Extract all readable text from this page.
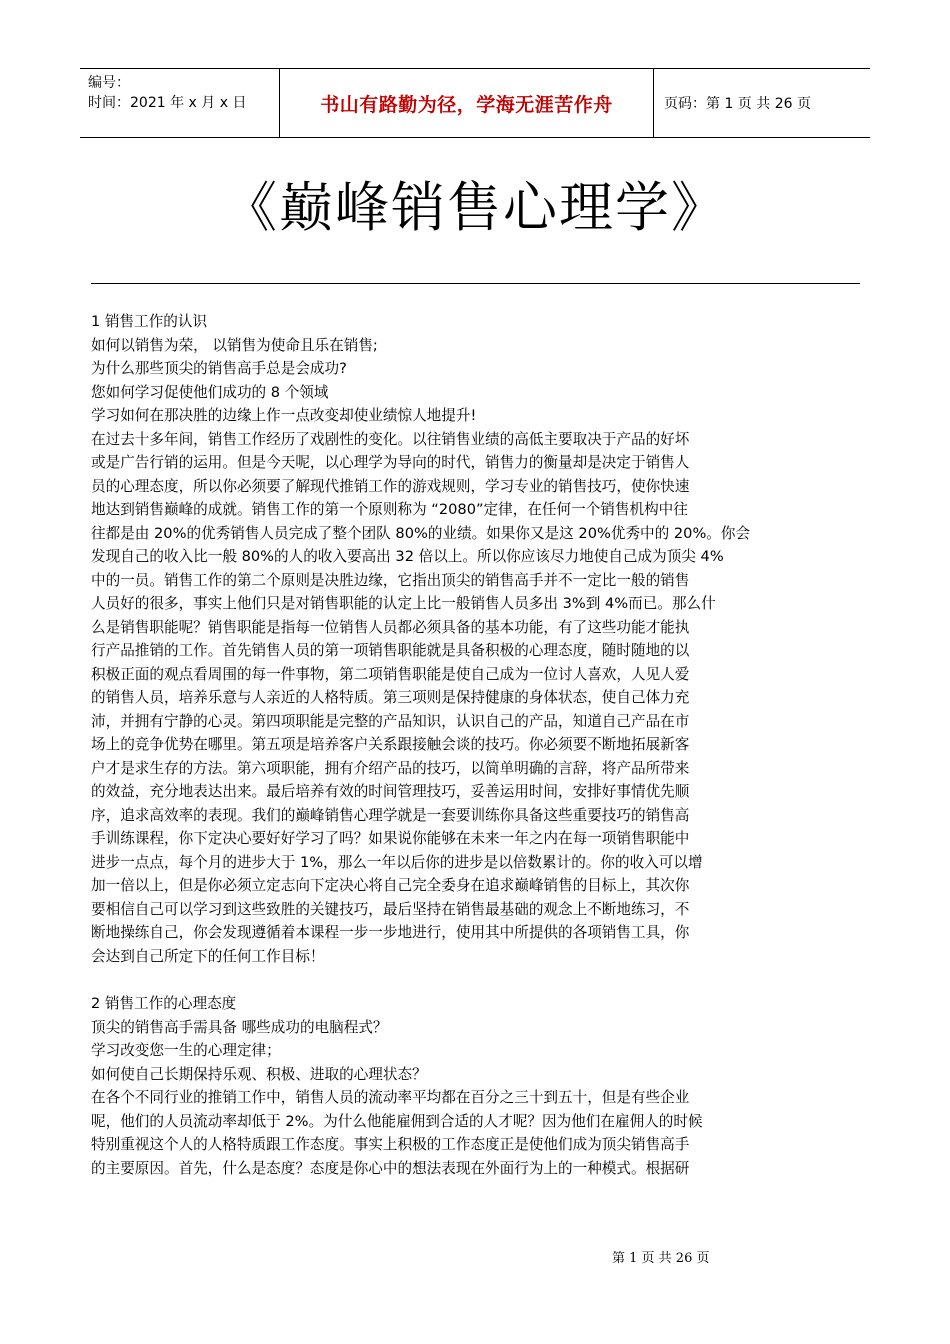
编号：
时间：2021 年 x 月 x 日	书山有路勤为径，学海无涯苦作舟	页码：第 1 页 共 26 页
《巅峰销售心理学》
1 销售工作的认识
如何以销售为荣， 以销售为使命且乐在销售;
为什么那些顶尖的销售高手总是会成功?
您如何学习促使他们成功的 8 个领域
学习如何在那决胜的边缘上作一点改变却使业绩惊人地提升!
在过去十多年间，销售工作经历了戏剧性的变化。以往销售业绩的高低主要取决于产品的好坏
或是广告行销的运用。但是今天呢，以心理学为导向的时代，销售力的衡量却是决定于销售人
员的心理态度，所以你必须要了解现代推销工作的游戏规则，学习专业的销售技巧，使你快速
地达到销售巅峰的成就。销售工作的第一个原则称为 “2080”定律，在任何一个销售机构中往
往都是由 20%的优秀销售人员完成了整个团队 80%的业绩。如果你又是这 20%优秀中的 20%。你会
发现自己的收入比一般 80%的人的收入要高出 32 倍以上。所以你应该尽力地使自己成为顶尖 4%
中的一员。销售工作的第二个原则是决胜边缘，它指出顶尖的销售高手并不一定比一般的销售
人员好的很多，事实上他们只是对销售职能的认定上比一般销售人员多出 3%到 4%而已。那么什
么是销售职能呢？销售职能是指每一位销售人员都必须具备的基本功能，有了这些功能才能执
行产品推销的工作。首先销售人员的第一项销售职能就是具备积极的心理态度，随时随地的以
积极正面的观点看周围的每一件事物，第二项销售职能是使自己成为一位讨人喜欢，人见人爱
的销售人员，培养乐意与人亲近的人格特质。第三项则是保持健康的身体状态，使自己体力充
沛，并拥有宁静的心灵。第四项职能是完整的产品知识，认识自己的产品，知道自己产品在市
场上的竞争优势在哪里。第五项是培养客户关系跟接触会谈的技巧。你必须要不断地拓展新客
户才是求生存的方法。第六项职能，拥有介绍产品的技巧，以简单明确的言辞，将产品所带来
的效益，充分地表达出来。最后培养有效的时间管理技巧，妥善运用时间，安排好事情优先顺
序，追求高效率的表现。我们的巅峰销售心理学就是一套要训练你具备这些重要技巧的销售高
手训练课程，你下定决心要好好学习了吗？如果说你能够在未来一年之内在每一项销售职能中
进步一点点，每个月的进步大于 1%，那么一年以后你的进步是以倍数累计的。你的收入可以增
加一倍以上，但是你必须立定志向下定决心将自己完全委身在追求巅峰销售的目标上，其次你
要相信自己可以学习到这些致胜的关键技巧，最后坚持在销售最基础的观念上不断地练习，不
断地操练自己，你会发现遵循着本课程一步一步地进行，使用其中所提供的各项销售工具，你
会达到自己所定下的任何工作目标！
2 销售工作的心理态度
顶尖的销售高手需具备 哪些成功的电脑程式？
学习改变您一生的心理定律；
如何使自己长期保持乐观、积极、进取的心理状态？
在各个不同行业的推销工作中，销售人员的流动率平均都在百分之三十到五十，但是有些企业
呢，他们的人员流动率却低于 2%。为什么他能雇佣到合适的人才呢？因为他们在雇佣人的时候
特别重视这个人的人格特质跟工作态度。事实上积极的工作态度正是使他们成为顶尖销售高手
的主要原因。首先，什么是态度？态度是你心中的想法表现在外面行为上的一种模式。根据研
第 1 页 共 26 页
